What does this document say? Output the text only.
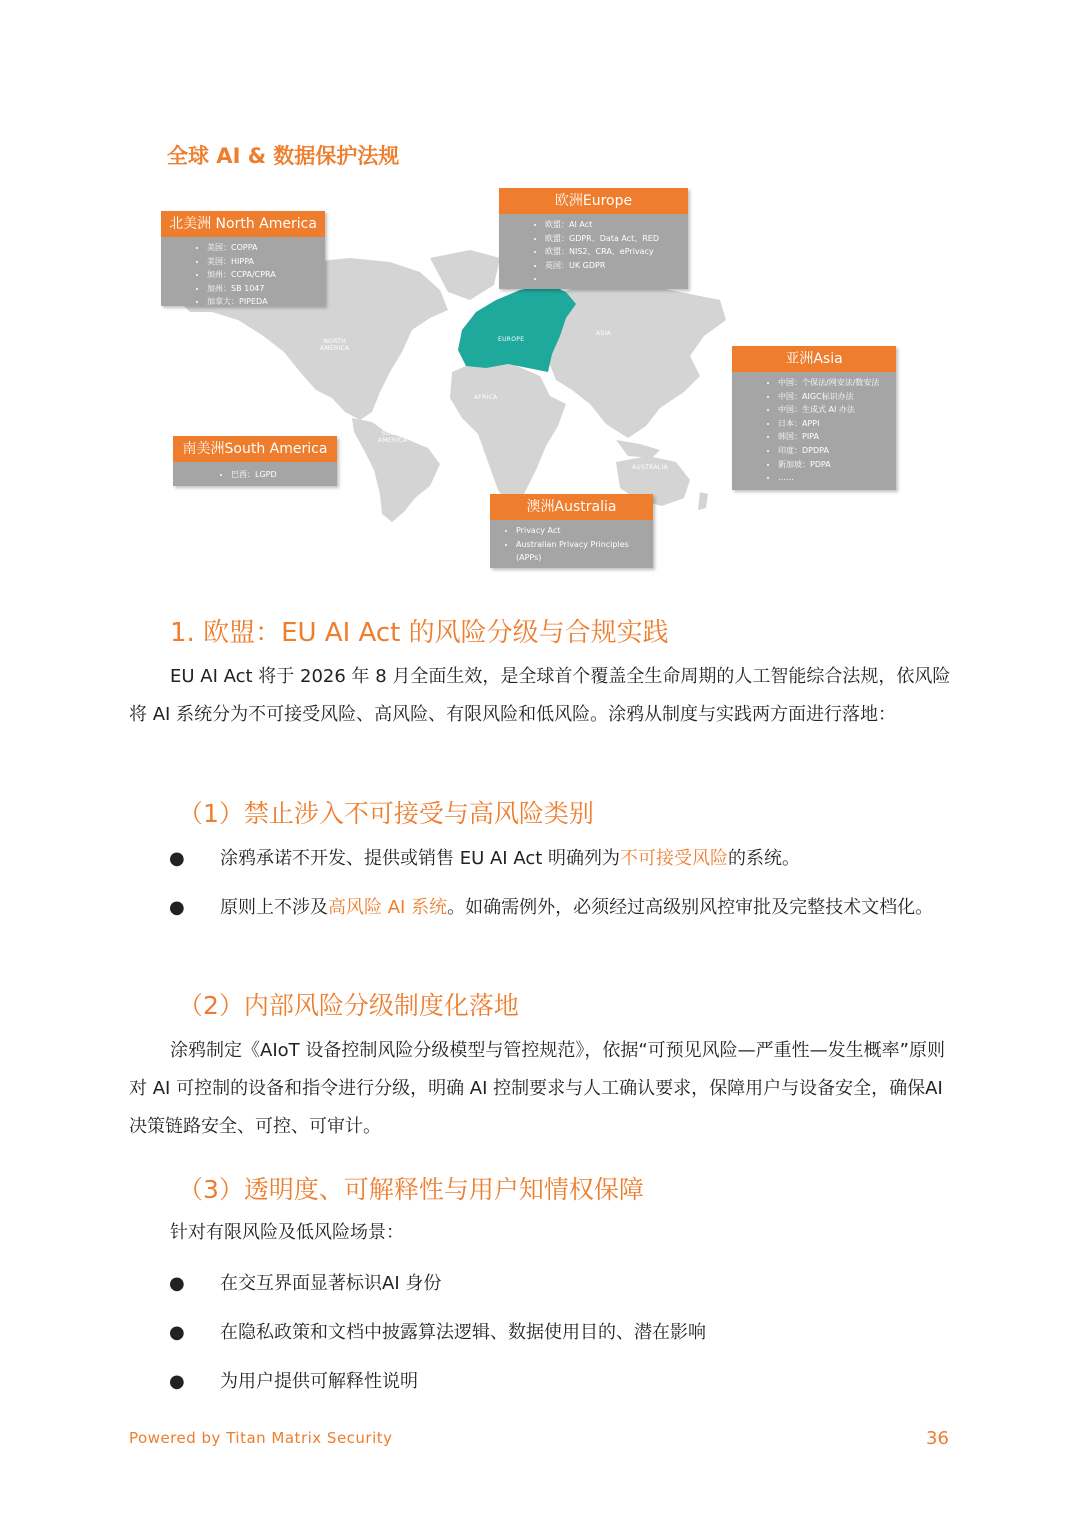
全球 AI & 数据保护法规
NORTH
AMERICA
EUROPE
ASIA
AFRICA
SOUTH
AMERICA
AUSTRALIA
北美洲 North America
• 美国：COPPA
• 美国：HIPPA
• 加州：CCPA/CPRA
• 加州：SB 1047
• 加拿大：PIPEDA
欧洲Europe
• 欧盟：AI Act
• 欧盟：GDPR、Data Act、RED
• 欧盟：NIS2、CRA、ePrivacy
• 英国：UK GDPR
•
亚洲Asia
• 中国：个保法/网安法/数安法
• 中国：AIGC标识办法
• 中国：生成式 AI 办法
• 日本：APPI
• 韩国：PIPA
• 印度：DPDPA
• 新加坡：PDPA
• ……
南美洲South America
• 巴西：LGPD
澳洲Australia
• Privacy Act
• Australian Privacy Principles (APPs)
1. 欧盟：EU AI Act 的风险分级与合规实践

EU AI Act 将于 2026 年 8 月全面生效，是全球首个覆盖全生命周期的人工智能综合法规，依风险将 AI 系统分为不可接受风险、高风险、有限风险和低风险。涂鸦从制度与实践两方面进行落地：

（1）禁止涉入不可接受与高风险类别
●	涂鸦承诺不开发、提供或销售 EU AI Act 明确列为不可接受风险的系统。
●	原则上不涉及高风险 AI 系统。如确需例外，必须经过高级别风控审批及完整技术文档化。
（2）内部风险分级制度化落地

涂鸦制定《AIoT 设备控制风险分级模型与管控规范》，依据“可预见风险—严重性—发生概率”原则对 AI 可控制的设备和指令进行分级，明确 AI 控制要求与人工确认要求，保障用户与设备安全，确保AI 决策链路安全、可控、可审计。

（3）透明度、可解释性与用户知情权保障

针对有限风险及低风险场景：

●	在交互界面显著标识AI 身份
●	在隐私政策和文档中披露算法逻辑、数据使用目的、潜在影响
●	为用户提供可解释性说明
Powered by Titan Matrix Security	36
